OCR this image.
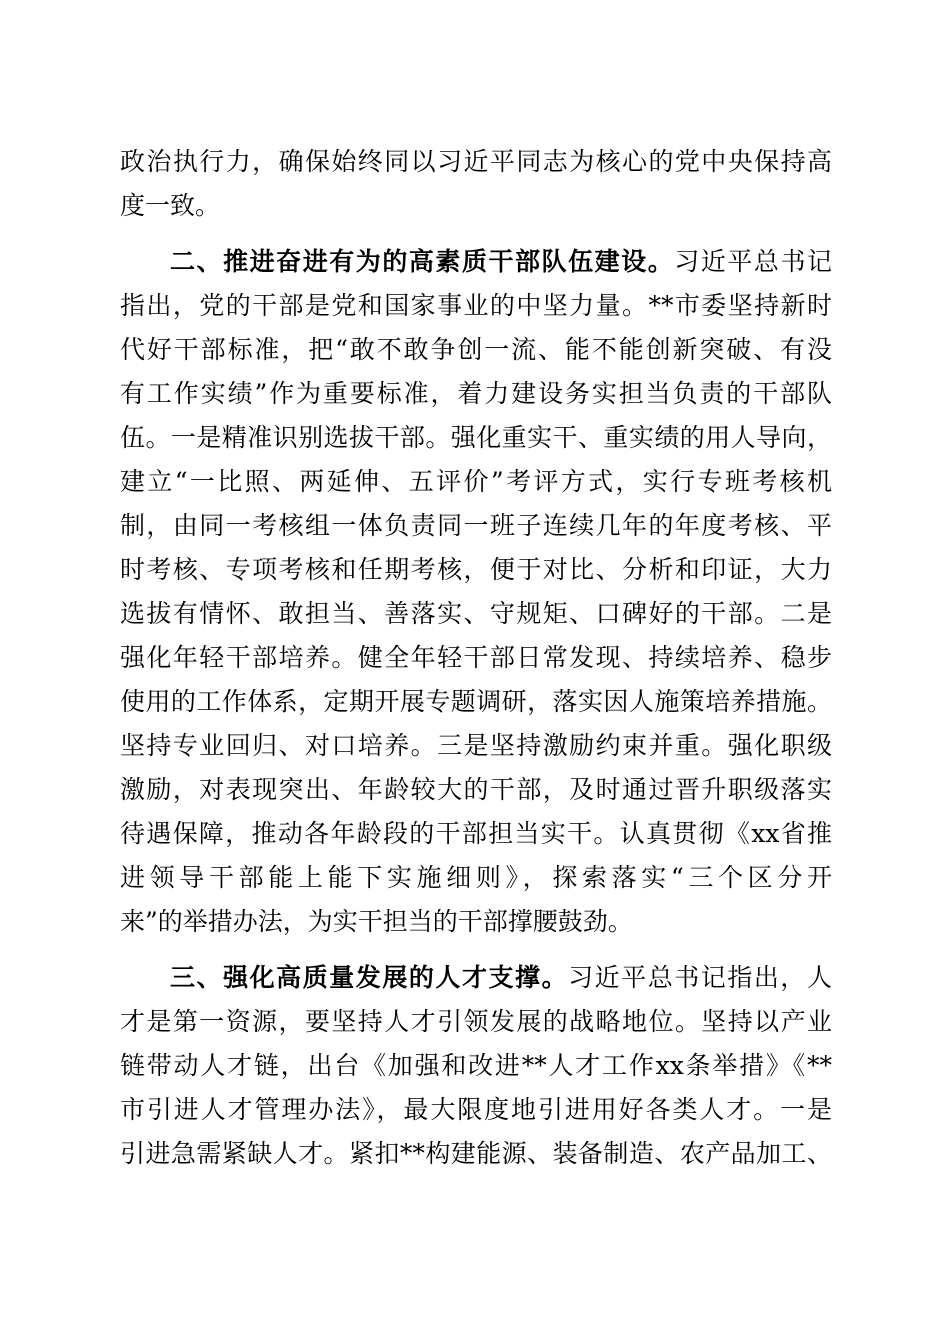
政治执行力，确保始终同以习近平同志为核心的党中央保持高
度一致。
二、推进奋进有为的高素质干部队伍建设。习近平总书记
指出，党的干部是党和国家事业的中坚力量。**市委坚持新时
代好干部标准，把“敢不敢争创一流、能不能创新突破、有没
有工作实绩”作为重要标准，着力建设务实担当负责的干部队
伍。一是精准识别选拔干部。强化重实干、重实绩的用人导向，
建立“一比照、两延伸、五评价”考评方式，实行专班考核机
制，由同一考核组一体负责同一班子连续几年的年度考核、平
时考核、专项考核和任期考核，便于对比、分析和印证，大力
选拔有情怀、敢担当、善落实、守规矩、口碑好的干部。二是
强化年轻干部培养。健全年轻干部日常发现、持续培养、稳步
使用的工作体系，定期开展专题调研，落实因人施策培养措施。
坚持专业回归、对口培养。三是坚持激励约束并重。强化职级
激励，对表现突出、年龄较大的干部，及时通过晋升职级落实
待遇保障，推动各年龄段的干部担当实干。认真贯彻《xx省推
进领导干部能上能下实施细则》，探索落实“三个区分开
来”的举措办法，为实干担当的干部撑腰鼓劲。
三、强化高质量发展的人才支撑。习近平总书记指出，人
才是第一资源，要坚持人才引领发展的战略地位。坚持以产业
链带动人才链，出台《加强和改进**人才工作xx条举措》《**
市引进人才管理办法》，最大限度地引进用好各类人才。一是
引进急需紧缺人才。紧扣**构建能源、装备制造、农产品加工、
